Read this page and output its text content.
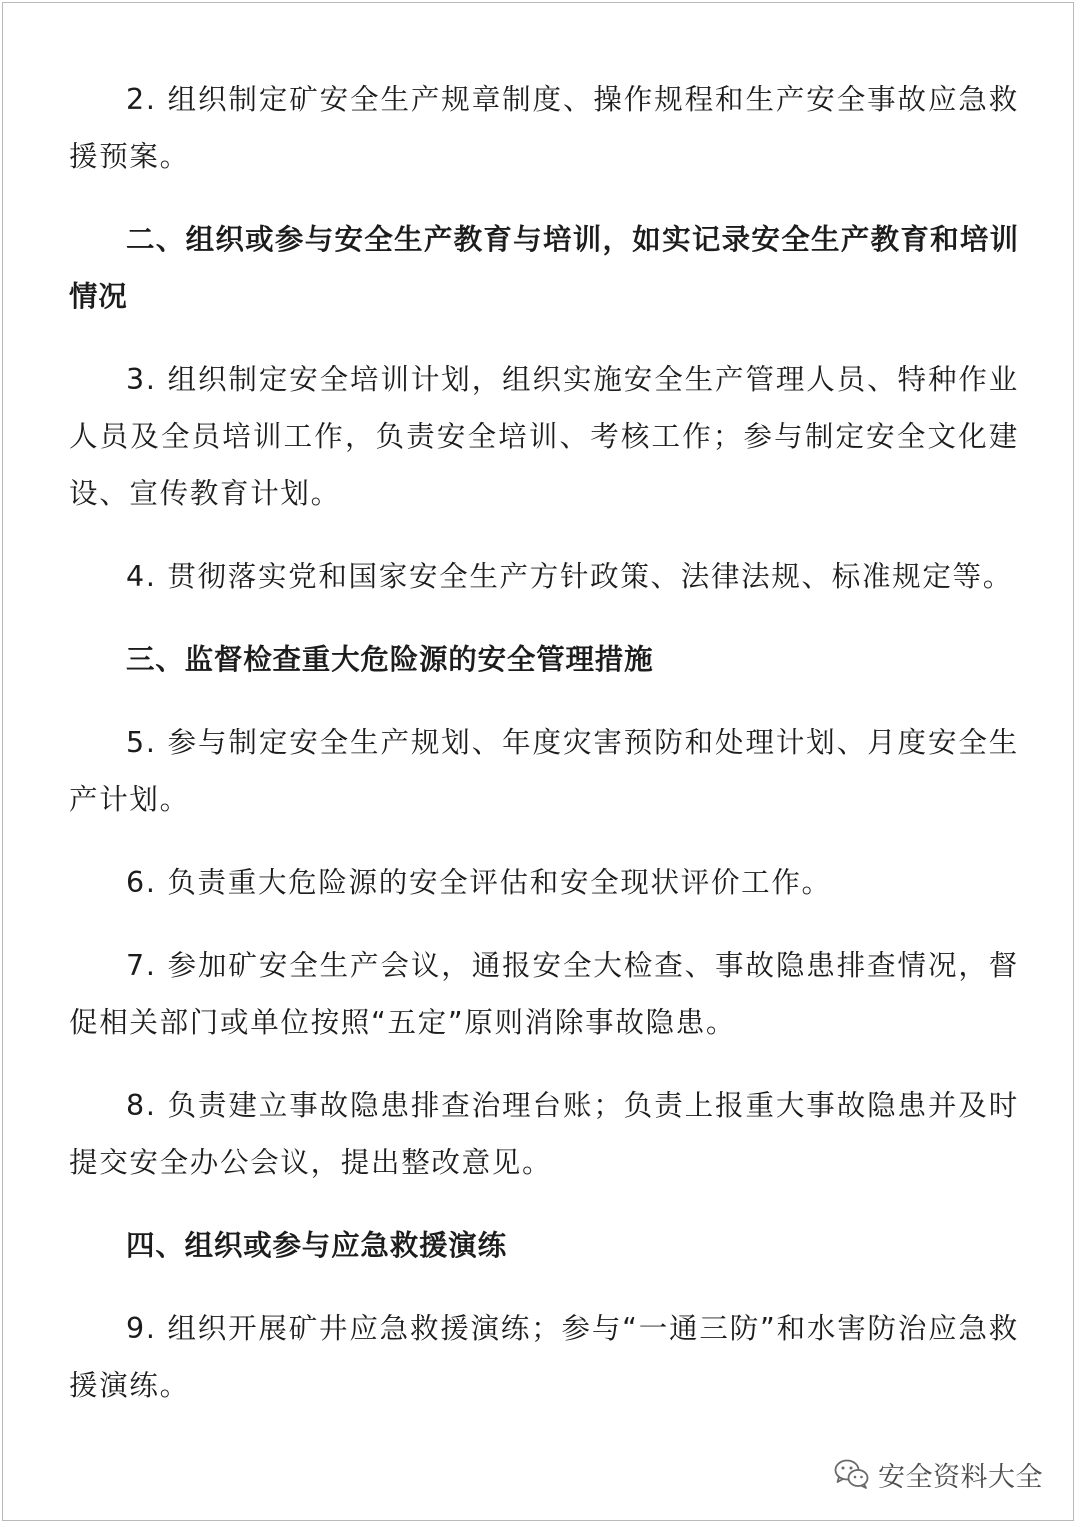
2. 组织制定矿安全生产规章制度、操作规程和生产安全事故应急救援预案。

二、组织或参与安全生产教育与培训，如实记录安全生产教育和培训情况

3. 组织制定安全培训计划，组织实施安全生产管理人员、特种作业人员及全员培训工作，负责安全培训、考核工作；参与制定安全文化建设、宣传教育计划。

4. 贯彻落实党和国家安全生产方针政策、法律法规、标准规定等。

三、监督检查重大危险源的安全管理措施

5. 参与制定安全生产规划、年度灾害预防和处理计划、月度安全生产计划。

6. 负责重大危险源的安全评估和安全现状评价工作。

7. 参加矿安全生产会议，通报安全大检查、事故隐患排查情况，督促相关部门或单位按照“五定”原则消除事故隐患。

8. 负责建立事故隐患排查治理台账；负责上报重大事故隐患并及时提交安全办公会议，提出整改意见。

四、组织或参与应急救援演练

9. 组织开展矿井应急救援演练；参与“一通三防”和水害防治应急救援演练。

安全资料大全
